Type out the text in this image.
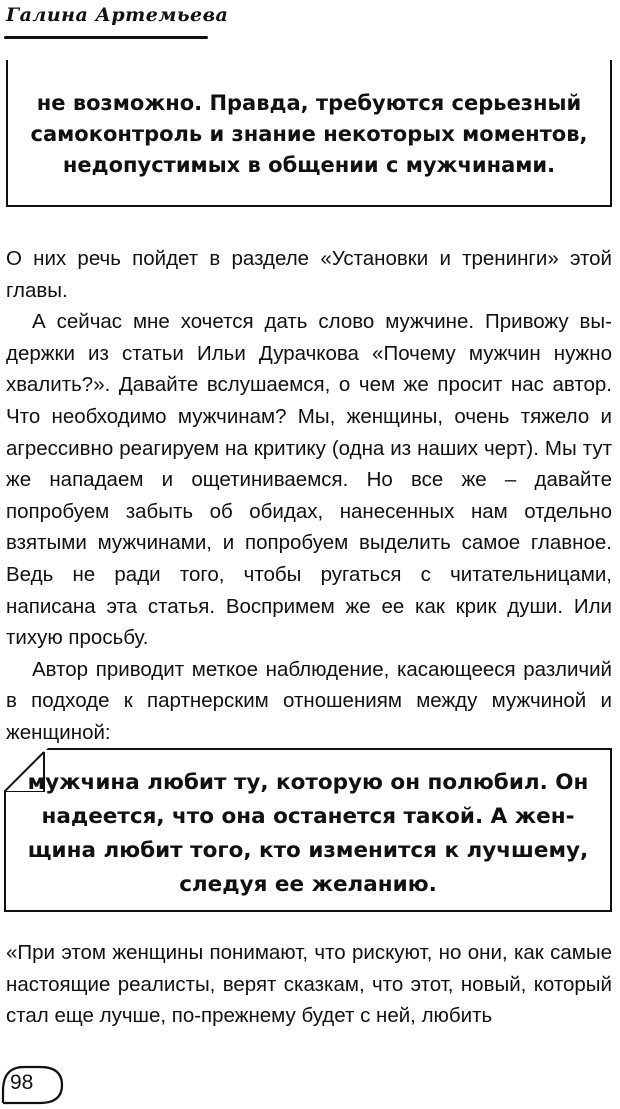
Галина Артемьева

не возможно. Правда, требуются серьезный самоконтроль и знание некоторых моментов, недопустимых в общении с мужчинами.

О них речь пойдет в разделе «Установки и тренинги» этой главы.

А сейчас мне хочется дать слово мужчине. Привожу выдержки из статьи Ильи Дурачкова «Почему мужчин нужно хвалить?». Давайте вслушаемся, о чем же просит нас автор. Что необходимо мужчинам? Мы, женщины, очень тяжело и агрессивно реагируем на критику (одна из наших черт). Мы тут же нападаем и ощетиниваемся. Но все же – давайте попробуем забыть об обидах, нанесенных нам отдельно взятыми мужчинами, и попробуем выделить самое главное. Ведь не ради того, чтобы ругаться с читательницами, написана эта статья. Воспримем же ее как крик души. Или тихую просьбу.

Автор приводит меткое наблюдение, касающееся различий в подходе к партнерским отношениям между мужчиной и женщиной:

мужчина любит ту, которую он полюбил. Он надеется, что она останется такой. А женщина любит того, кто изменится к лучшему, следуя ее желанию.

«При этом женщины понимают, что рискуют, но они, как самые настоящие реалисты, верят сказкам, что этот, новый, который стал еще лучше, по-прежнему будет с ней, любить

98
